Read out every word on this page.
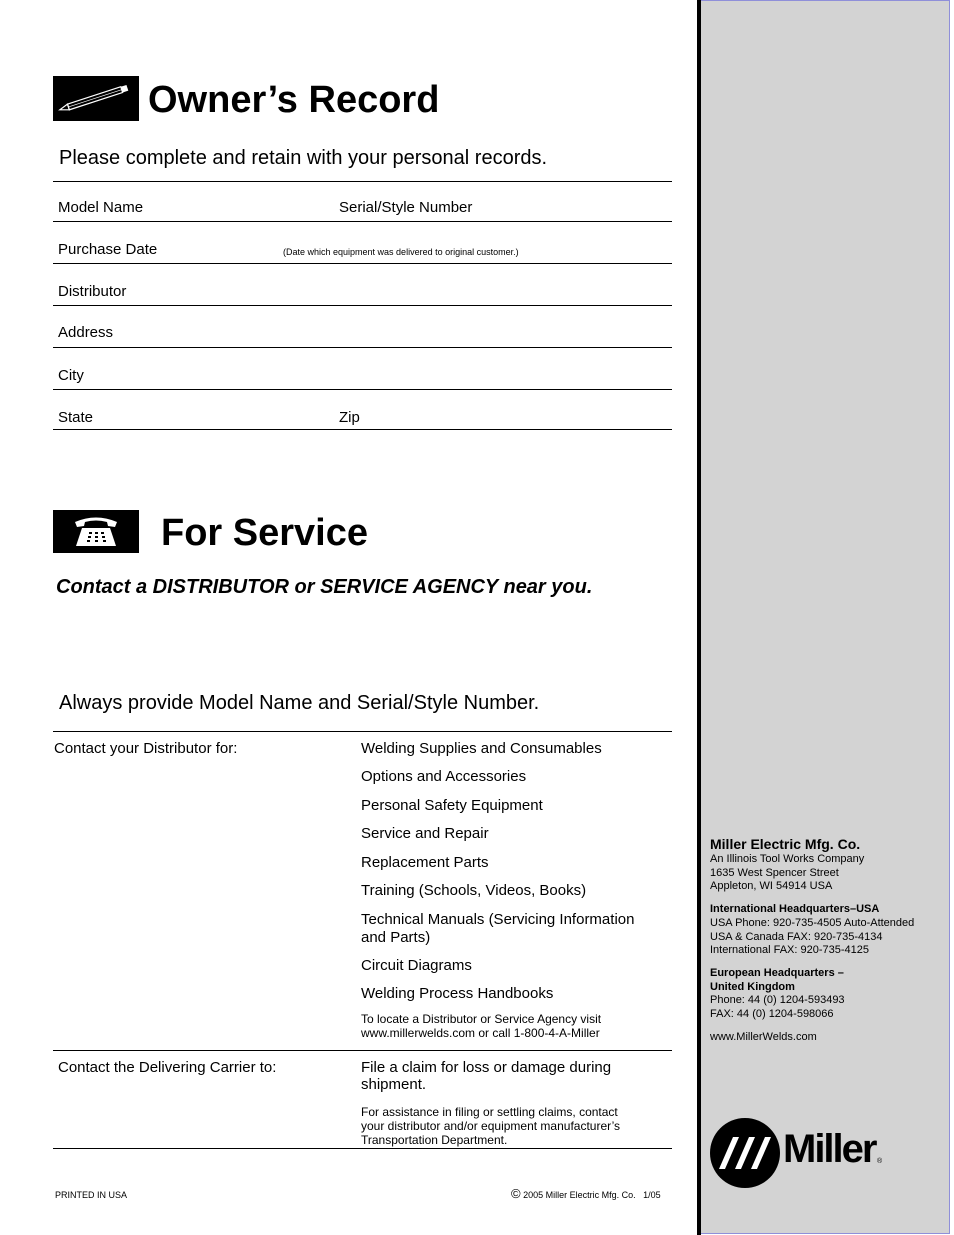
Owner’s Record
Please complete and retain with your personal records.
Model Name	Serial/Style Number
Purchase Date	(Date which equipment was delivered to original customer.)
Distributor
Address
City
State	Zip
For Service
Contact a DISTRIBUTOR or SERVICE AGENCY near you.
Always provide Model Name and Serial/Style Number.
Contact your Distributor for:	Welding Supplies and Consumables
Options and Accessories
Personal Safety Equipment
Service and Repair
Replacement Parts
Training (Schools, Videos, Books)
Technical Manuals (Servicing Information and Parts)
Circuit Diagrams
Welding Process Handbooks
To locate a Distributor or Service Agency visit
www.millerwelds.com or call 1-800-4-A-Miller
Contact the Delivering Carrier to:	File a claim for loss or damage during shipment.
For assistance in filing or settling claims, contact
your distributor and/or equipment manufacturer’s
Transportation Department.
PRINTED IN USA	© 2005 Miller Electric Mfg. Co.   1/05
Miller Electric Mfg. Co.
An Illinois Tool Works Company
1635 West Spencer Street
Appleton, WI 54914 USA
International Headquarters–USA
USA Phone: 920-735-4505 Auto-Attended
USA & Canada FAX: 920-735-4134
International FAX: 920-735-4125
European Headquarters –
United Kingdom
Phone: 44 (0) 1204-593493
FAX: 44 (0) 1204-598066
www.MillerWelds.com
Miller ®
